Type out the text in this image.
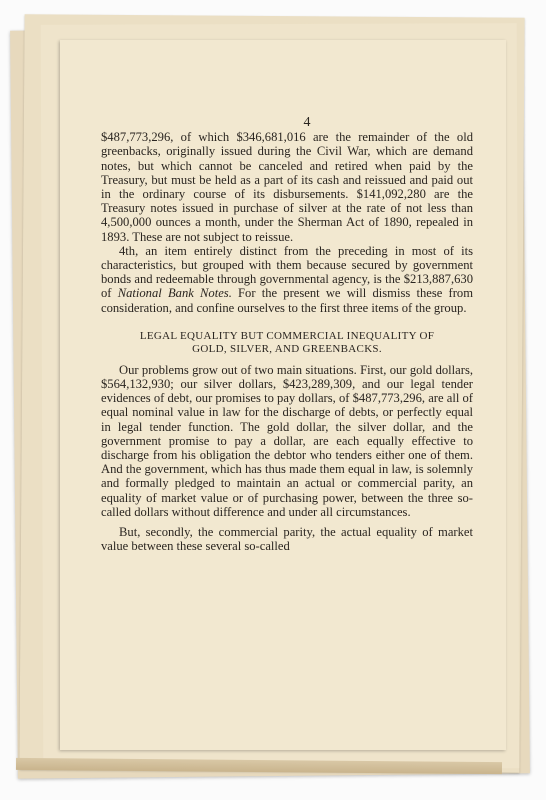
4

$487,773,296, of which $346,681,016 are the remainder of the old greenbacks, originally issued during the Civil War, which are demand notes, but which cannot be canceled and retired when paid by the Treasury, but must be held as a part of its cash and reissued and paid out in the ordinary course of its disbursements. $141,092,280 are the Treasury notes issued in purchase of silver at the rate of not less than 4,500,000 ounces a month, under the Sherman Act of 1890, repealed in 1893. These are not subject to reissue.

4th, an item entirely distinct from the preceding in most of its characteristics, but grouped with them because secured by government bonds and redeemable through governmental agency, is the $213,887,630 of National Bank Notes. For the present we will dismiss these from consideration, and confine ourselves to the first three items of the group.

LEGAL EQUALITY BUT COMMERCIAL INEQUALITY OF
GOLD, SILVER, AND GREENBACKS.

Our problems grow out of two main situations. First, our gold dollars, $564,132,930; our silver dollars, $423,289,309, and our legal tender evidences of debt, our promises to pay dollars, of $487,773,296, are all of equal nominal value in law for the discharge of debts, or perfectly equal in legal tender function. The gold dollar, the silver dollar, and the government promise to pay a dollar, are each equally effective to discharge from his obligation the debtor who tenders either one of them. And the government, which has thus made them equal in law, is solemnly and formally pledged to maintain an actual or commercial parity, an equality of market value or of purchasing power, between the three so-called dollars without difference and under all circumstances.

But, secondly, the commercial parity, the actual equality of market value between these several so-called
